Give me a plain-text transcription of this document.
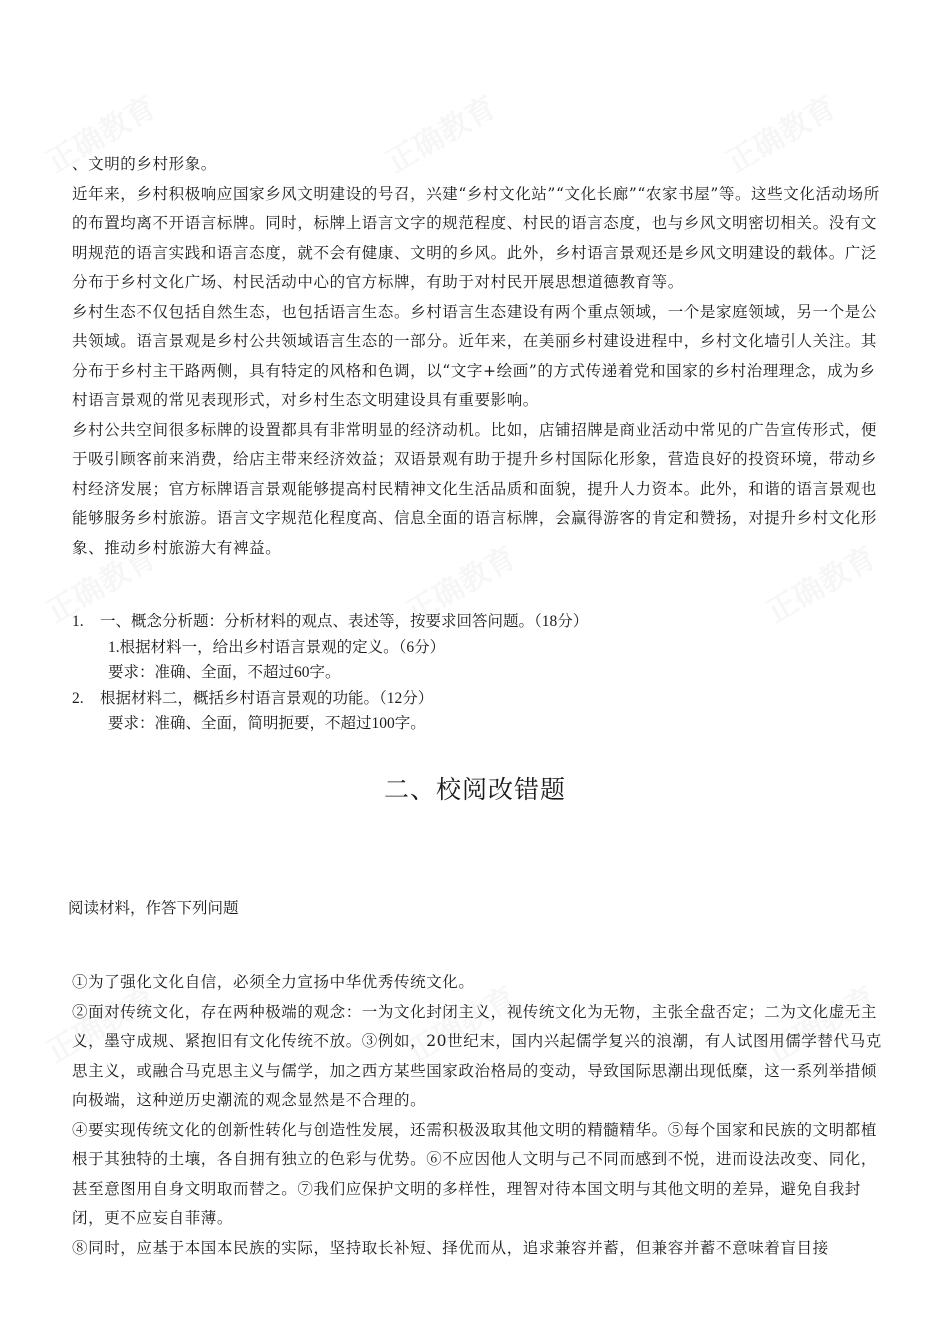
、文明的乡村形象。

近年来，乡村积极响应国家乡风文明建设的号召，兴建“乡村文化站”“文化长廊”“农家书屋”等。这些文化活动场所的布置均离不开语言标牌。同时，标牌上语言文字的规范程度、村民的语言态度，也与乡风文明密切相关。没有文明规范的语言实践和语言态度，就不会有健康、文明的乡风。此外，乡村语言景观还是乡风文明建设的载体。广泛分布于乡村文化广场、村民活动中心的官方标牌，有助于对村民开展思想道德教育等。

乡村生态不仅包括自然生态，也包括语言生态。乡村语言生态建设有两个重点领域，一个是家庭领域，另一个是公共领域。语言景观是乡村公共领域语言生态的一部分。近年来，在美丽乡村建设进程中，乡村文化墙引人关注。其分布于乡村主干路两侧，具有特定的风格和色调，以“文字+绘画”的方式传递着党和国家的乡村治理理念，成为乡村语言景观的常见表现形式，对乡村生态文明建设具有重要影响。

乡村公共空间很多标牌的设置都具有非常明显的经济动机。比如，店铺招牌是商业活动中常见的广告宣传形式，便于吸引顾客前来消费，给店主带来经济效益；双语景观有助于提升乡村国际化形象，营造良好的投资环境，带动乡村经济发展；官方标牌语言景观能够提高村民精神文化生活品质和面貌，提升人力资本。此外，和谐的语言景观也能够服务乡村旅游。语言文字规范化程度高、信息全面的语言标牌，会赢得游客的肯定和赞扬，对提升乡村文化形象、推动乡村旅游大有裨益。

1. 一、概念分析题：分析材料的观点、表述等，按要求回答问题。（18分）
1.根据材料一，给出乡村语言景观的定义。（6分）
要求：准确、全面，不超过60字。
2. 根据材料二，概括乡村语言景观的功能。（12分）
要求：准确、全面，简明扼要，不超过100字。
二、校阅改错题
阅读材料，作答下列问题

①为了强化文化自信，必须全力宣扬中华优秀传统文化。

②面对传统文化，存在两种极端的观念：一为文化封闭主义，视传统文化为无物，主张全盘否定；二为文化虚无主义，墨守成规、紧抱旧有文化传统不放。③例如，20世纪末，国内兴起儒学复兴的浪潮，有人试图用儒学替代马克思主义，或融合马克思主义与儒学，加之西方某些国家政治格局的变动，导致国际思潮出现低糜，这一系列举措倾向极端，这种逆历史潮流的观念显然是不合理的。

④要实现传统文化的创新性转化与创造性发展，还需积极汲取其他文明的精髓精华。⑤每个国家和民族的文明都植根于其独特的土壤，各自拥有独立的色彩与优势。⑥不应因他人文明与己不同而感到不悦，进而设法改变、同化，甚至意图用自身文明取而替之。⑦我们应保护文明的多样性，理智对待本国文明与其他文明的差异，避免自我封闭，更不应妄自菲薄。

⑧同时，应基于本国本民族的实际，坚持取长补短、择优而从，追求兼容并蓄，但兼容并蓄不意味着盲目接
